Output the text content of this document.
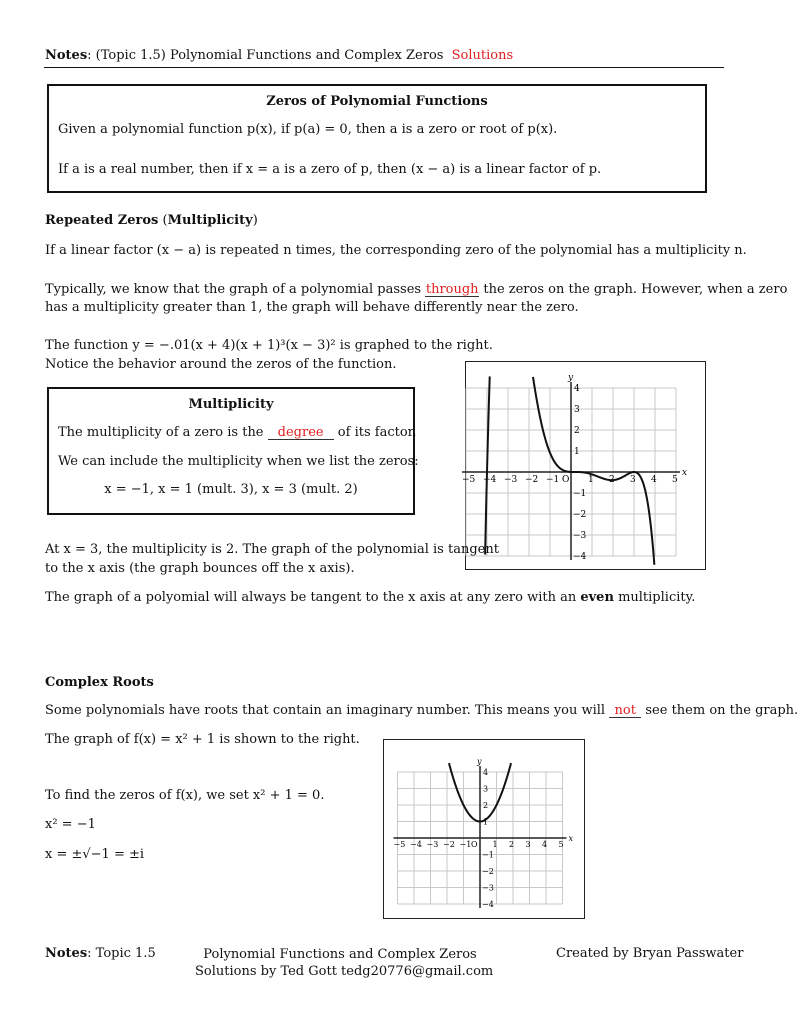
Notes: (Topic 1.5) Polynomial Functions and Complex Zeros Solutions
Zeros of Polynomial Functions
Given a polynomial function p(x), if p(a) = 0, then a is a zero or root of p(x).
If a is a real number, then if x = a is a zero of p, then (x − a) is a linear factor of p.
Repeated Zeros (Multiplicity)
If a linear factor (x − a) is repeated n times, the corresponding zero of the polynomial has a multiplicity n.
Typically, we know that the graph of a polynomial passes through the zeros on the graph. However, when a zero
has a multiplicity greater than 1, the graph will behave differently near the zero.
The function y = −.01(x + 4)(x + 1)³(x − 3)² is graphed to the right.
Notice the behavior around the zeros of the function.
Multiplicity
The multiplicity of a zero is the degree of its factor.
We can include the multiplicity when we list the zeros:
x = −1, x = 1 (mult. 3), x = 3 (mult. 2)
x
y
−5 −4 −3 −2 −1 O 1 2 3 4 5
1
2
3
4
−1
−2
−3
−4
At x = 3, the multiplicity is 2. The graph of the polynomial is tangent
to the x axis (the graph bounces off the x axis).
The graph of a polyomial will always be tangent to the x axis at any zero with an even multiplicity.
Complex Roots
Some polynomials have roots that contain an imaginary number. This means you will not see them on the graph.
The graph of f(x) = x² + 1 is shown to the right.
To find the zeros of f(x), we set x² + 1 = 0.
x² = −1
x = ±√−1 = ±i
x
y
−5 −4 −3 −2 −1 O 1 2 3 4 5
1
2
3
4
−1
−2
−3
−4
Notes: Topic 1.5	Polynomial Functions and Complex Zeros
Solutions by Ted Gott tedg20776@gmail.com
Created by Bryan Passwater
